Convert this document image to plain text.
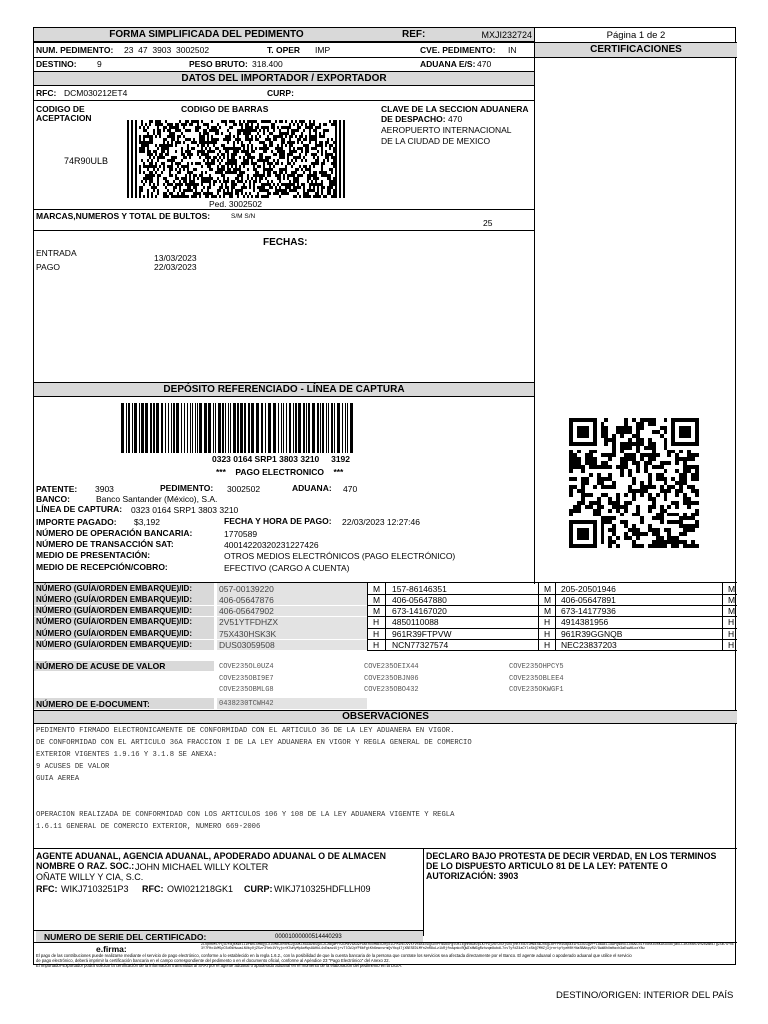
FORMA SIMPLIFICADA DEL PEDIMENTO	REF:	MXJI232724	Página 1 de 2
NUM. PEDIMENTO: 23  47  3903  3002502	T. OPER IMP	CVE. PEDIMENTO: IN	CERTIFICACIONES
DESTINO: 9	PESO BRUTO: 318.400	ADUANA E/S: 470
DATOS DEL IMPORTADOR / EXPORTADOR
RFC: DCM030212ET4	CURP:
CODIGO DE
ACEPTACION
74R90ULB
CODIGO DE BARRAS
Ped. 3002502
CLAVE DE LA SECCION ADUANERA
DE DESPACHO: 470
AEROPUERTO INTERNACIONAL
DE LA CIUDAD DE MEXICO
MARCAS,NUMEROS Y TOTAL DE BULTOS:	S/M S/N
25
FECHAS:
ENTRADA	13/03/2023
PAGO	22/03/2023
DEPÓSITO REFERENCIADO - LÍNEA DE CAPTURA
0323 0164 SRP1 3803 3210     3192
***    PAGO ELECTRONICO    ***
PATENTE: 3903	PEDIMENTO: 3002502	ADUANA: 470
BANCO:	Banco Santander (México), S.A.
LÍNEA DE CAPTURA: 0323 0164 SRP1 3803 3210
IMPORTE PAGADO: $3,192	FECHA Y HORA DE PAGO: 22/03/2023 12:27:46
NÚMERO DE OPERACIÓN BANCARIA:	1770589
NÚMERO DE TRANSACCIÓN SAT:	40014220320231227426
MEDIO DE PRESENTACIÓN:	OTROS MEDIOS ELECTRÓNICOS (PAGO ELECTRÓNICO)
MEDIO DE RECEPCIÓN/COBRO:	EFECTIVO (CARGO A CUENTA)
NÚMERO (GUÍA/ORDEN EMBARQUE)/ID:	057-00139220	M 157-86146351	M 205-20501946	M
NÚMERO (GUÍA/ORDEN EMBARQUE)/ID:	406-05647876	M 406-05647880	M 406-05647891	M
NÚMERO (GUÍA/ORDEN EMBARQUE)/ID:	406-05647902	M 673-14167020	M 673-14177936	M
NÚMERO (GUÍA/ORDEN EMBARQUE)/ID:	2V51YTFDHZX	H 4850110088	H 4914381956	H
NÚMERO (GUÍA/ORDEN EMBARQUE)/ID:	75X430HSK3K	H 961R39FTPVW	H 961R39GGNQB	H
NÚMERO (GUÍA/ORDEN EMBARQUE)/ID:	DUS03059508	H NCN77327574	H NEC23837203	H
NÚMERO DE ACUSE DE VALOR	COVE235OL0UZ4	COVE235OEIX44	COVE235OHPCY5
COVE235OBI9E7	COVE235OBJN06	COVE235OBLEE4
COVE235OBMLG8	COVE235OBO432	COVE235OKWGF1
NÚMERO DE E-DOCUMENT:	0438230TCWH42
OBSERVACIONES
PEDIMENTO FIRMADO ELECTRONICAMENTE DE CONFORMIDAD CON EL ARTICULO 36 DE LA LEY ADUANERA EN VIGOR.
DE CONFORMIDAD CON EL ARTICULO 36A FRACCION I DE LA LEY ADUANERA EN VIGOR Y REGLA GENERAL DE COMERCIO
EXTERIOR VIGENTES 1.9.16 Y 3.1.8 SE ANEXA:
9 ACUSES DE VALOR
GUIA AEREA
OPERACION REALIZADA DE CONFORMIDAD CON LOS ARTICULOS 106 Y 108 DE LA LEY ADUANERA VIGENTE Y REGLA
1.6.11 GENERAL DE COMERCIO EXTERIOR, NUMERO 669-2006
AGENTE ADUANAL, AGENCIA ADUANAL, APODERADO ADUANAL O DE ALMACEN
NOMBRE O RAZ. SOC.: JOHN MICHAEL WILLY KOLTER
OÑATE WILLY Y CIA, S.C.
RFC: WIKJ7103251P3 RFC: OWI021218GK1 CURP: WIKJ710325HDFLLH09
DECLARO BAJO PROTESTA DE DECIR VERDAD, EN LOS TERMINOS
DE LO DISPUESTO ARTICULO 81 DE LA LEY: PATENTE O
AUTORIZACIÓN: 3903
NUMERO DE SERIE DEL CERTIFICADO:	00001000000514440293
e.firma:	ZLOpnKMt/FQlDroQsKWtLI9PWnIXMBQyLXIUMBCNrNHGJgUDKCRGGazBSQDC2LzBQWPFnZUMzv6Au9PGNtHUUMBEo2Hyo1CPMIHEDvvXrvRaskv9Q5DVPFNGbkPgtOeJzgHHNGeDpLKYP9jz6Y2Ozj5hkjHKYxoDTDMWESWJh6gIbPfPe45Bpaz1F6ZdLGgvP+LdaAELIdAPQNdvDJJNw9Lb1Y0dnXoORKA5uXdkjWkLL3H2e8KUVn9b9BmiTgZ5m7G+hE3Y7FHx1kM5pCSd0kHwuaLNUbyOjZ5zr3Yek1VYyjcrK7wHyMpAoMqs8AHkL4vEmzwiUjrvTlCWJpYP6bFgtKh6ewvsrmQvYbq47jXBESEDLMfn2nR8uLz1kRjfnAqmkcRQWZsNWGgRzhzqm8ubdL7xvTyfdZ4aCYlxSbQ7MHZj3jrnrtpYyeH0K+NaSBAbpyR2/GwW6hUmHaxh3aEswNLoxY8w
El pago de las contribuciones puede realizarse mediante el servicio de pago electrónico, conforme a lo establecido en la regla 1.6.2., con la posibilidad de que la cuenta bancaria de la persona que contrate los servicios sea afectada directamente por el Banco. El agente aduanal o apoderado aduanal que utilice el servicio
de pago electrónico, deberá imprimir la certificación bancaria en el campo correspondiente del pedimento o en el documento oficial, conforme al Apéndice 23 "Pago Electrónico" del Anexo 22.
El Importador-Exportador podrá solicitar la certificación de la información transmitida al SAAI por el agente aduanal o apoderado aduanal en el momento de la elaboración del pedimento en la DGIA.
DESTINO/ORIGEN: INTERIOR DEL PAÍS
